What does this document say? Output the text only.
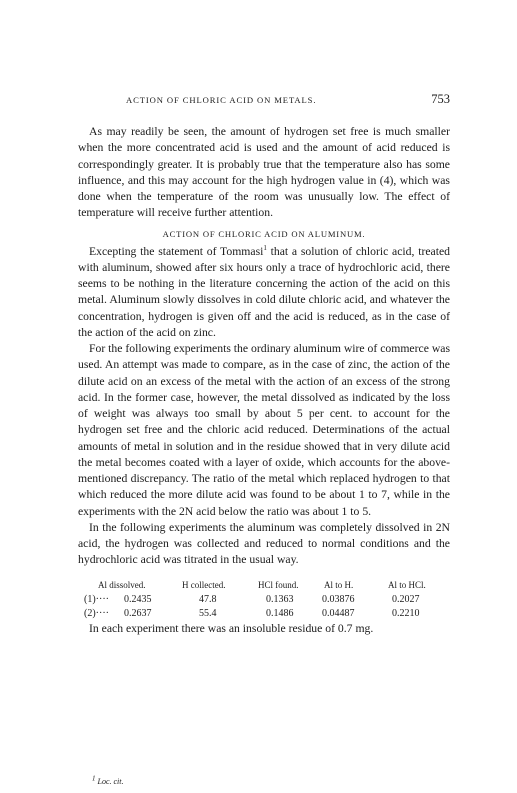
ACTION OF CHLORIC ACID ON METALS.	753

As may readily be seen, the amount of hydrogen set free is much smaller when the more concentrated acid is used and the amount of acid reduced is correspondingly greater. It is probably true that the temperature also has some influence, and this may account for the high hydrogen value in (4), which was done when the temperature of the room was unusually low. The effect of temperature will receive further attention.

ACTION OF CHLORIC ACID ON ALUMINUM.

Excepting the statement of Tommasi$^1$ that a solution of chloric acid, treated with aluminum, showed after six hours only a trace of hydrochloric acid, there seems to be nothing in the literature concerning the action of the acid on this metal. Aluminum slowly dissolves in cold dilute chloric acid, and whatever the concentration, hydrogen is given off and the acid is reduced, as in the case of the action of the acid on zinc.

For the following experiments the ordinary aluminum wire of commerce was used. An attempt was made to compare, as in the case of zinc, the action of the dilute acid on an excess of the metal with the action of an excess of the strong acid. In the former case, however, the metal dissolved as indicated by the loss of weight was always too small by about 5 per cent. to account for the hydrogen set free and the chloric acid reduced. Determinations of the actual amounts of metal in solution and in the residue showed that in very dilute acid the metal becomes coated with a layer of oxide, which accounts for the above-mentioned discrepancy. The ratio of the metal which replaced hydrogen to that which reduced the more dilute acid was found to be about 1 to 7, while in the experiments with the 2N acid below the ratio was about 1 to 5.

In the following experiments the aluminum was completely dissolved in 2N acid, the hydrogen was collected and reduced to normal conditions and the hydrochloric acid was titrated in the usual way.

Al dissolved.	H collected.	HCl found.	Al to H.	Al to HCl.
(1)···· 0.2435	47.8	0.1363	0.03876	0.2027
(2)···· 0.2637	55.4	0.1486	0.04487	0.2210

In each experiment there was an insoluble residue of 0.7 mg.

$^1$ Loc. cit.
